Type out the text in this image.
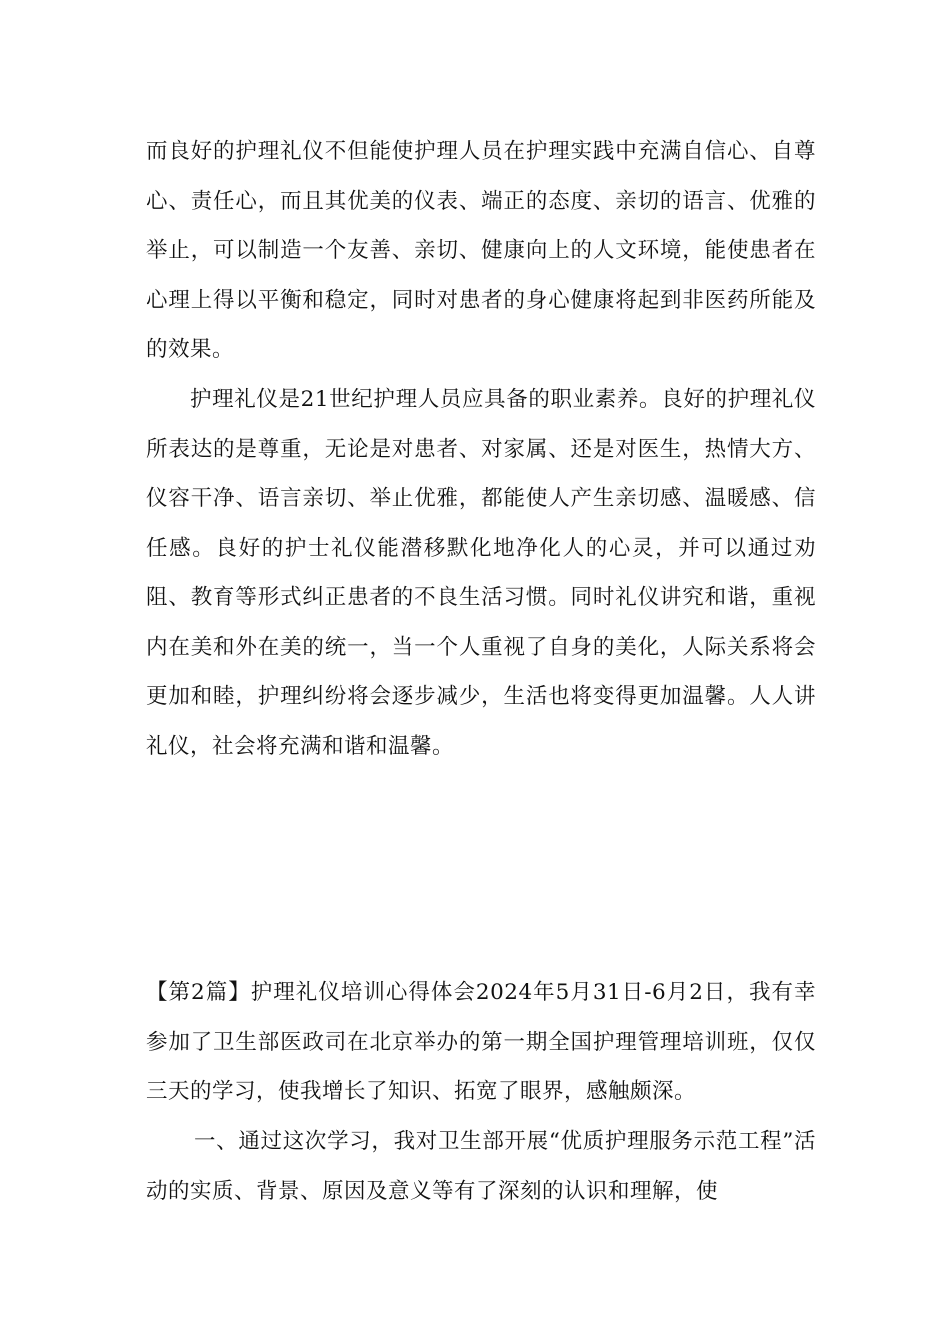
而良好的护理礼仪不但能使护理人员在护理实践中充满自信心、自尊心、责任心，而且其优美的仪表、端正的态度、亲切的语言、优雅的举止，可以制造一个友善、亲切、健康向上的人文环境，能使患者在心理上得以平衡和稳定，同时对患者的身心健康将起到非医药所能及的效果。

护理礼仪是21世纪护理人员应具备的职业素养。良好的护理礼仪所表达的是尊重，无论是对患者、对家属、还是对医生，热情大方、仪容干净、语言亲切、举止优雅，都能使人产生亲切感、温暖感、信任感。良好的护士礼仪能潜移默化地净化人的心灵，并可以通过劝阻、教育等形式纠正患者的不良生活习惯。同时礼仪讲究和谐，重视内在美和外在美的统一，当一个人重视了自身的美化，人际关系将会更加和睦，护理纠纷将会逐步减少，生活也将变得更加温馨。人人讲礼仪，社会将充满和谐和温馨。

【第2篇】护理礼仪培训心得体会2024年5月31日-6月2日，我有幸参加了卫生部医政司在北京举办的第一期全国护理管理培训班，仅仅三天的学习，使我增长了知识、拓宽了眼界，感触颇深。

一、通过这次学习，我对卫生部开展“优质护理服务示范工程”活动的实质、背景、原因及意义等有了深刻的认识和理解，使
